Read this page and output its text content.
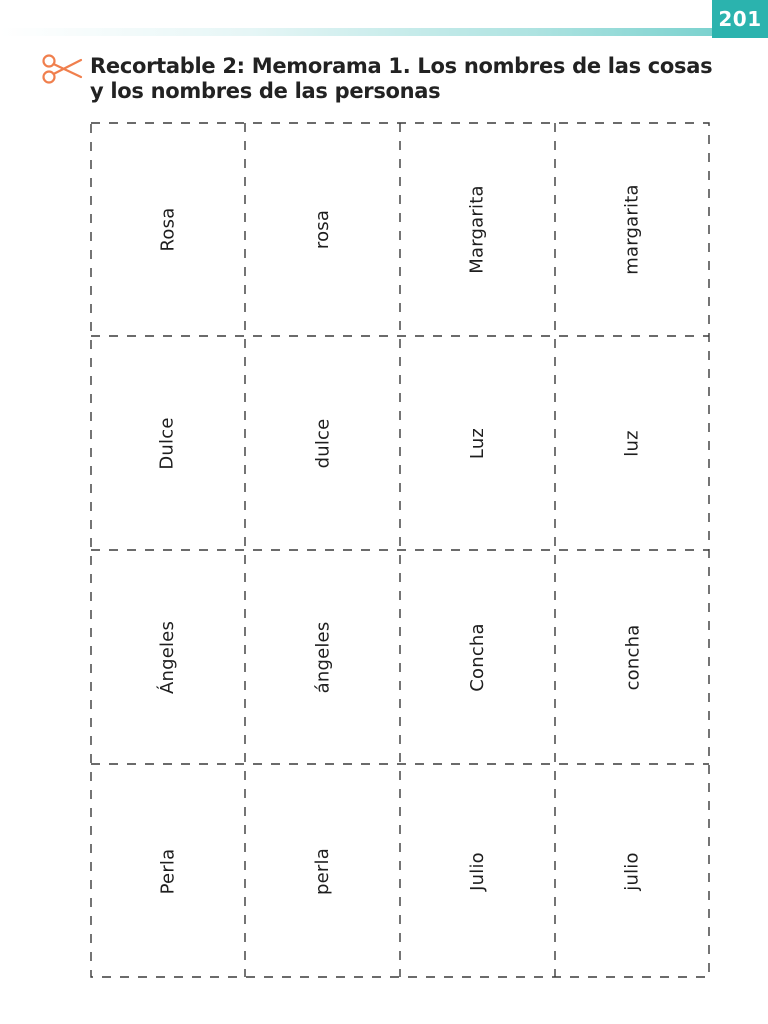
201
Recortable 2: Memorama 1. Los nombres de las cosas y los nombres de las personas
Rosa	rosa	Margarita	margarita
Dulce	dulce	Luz	luz
Ángeles	ángeles	Concha	concha
Perla	perla	Julio	julio
